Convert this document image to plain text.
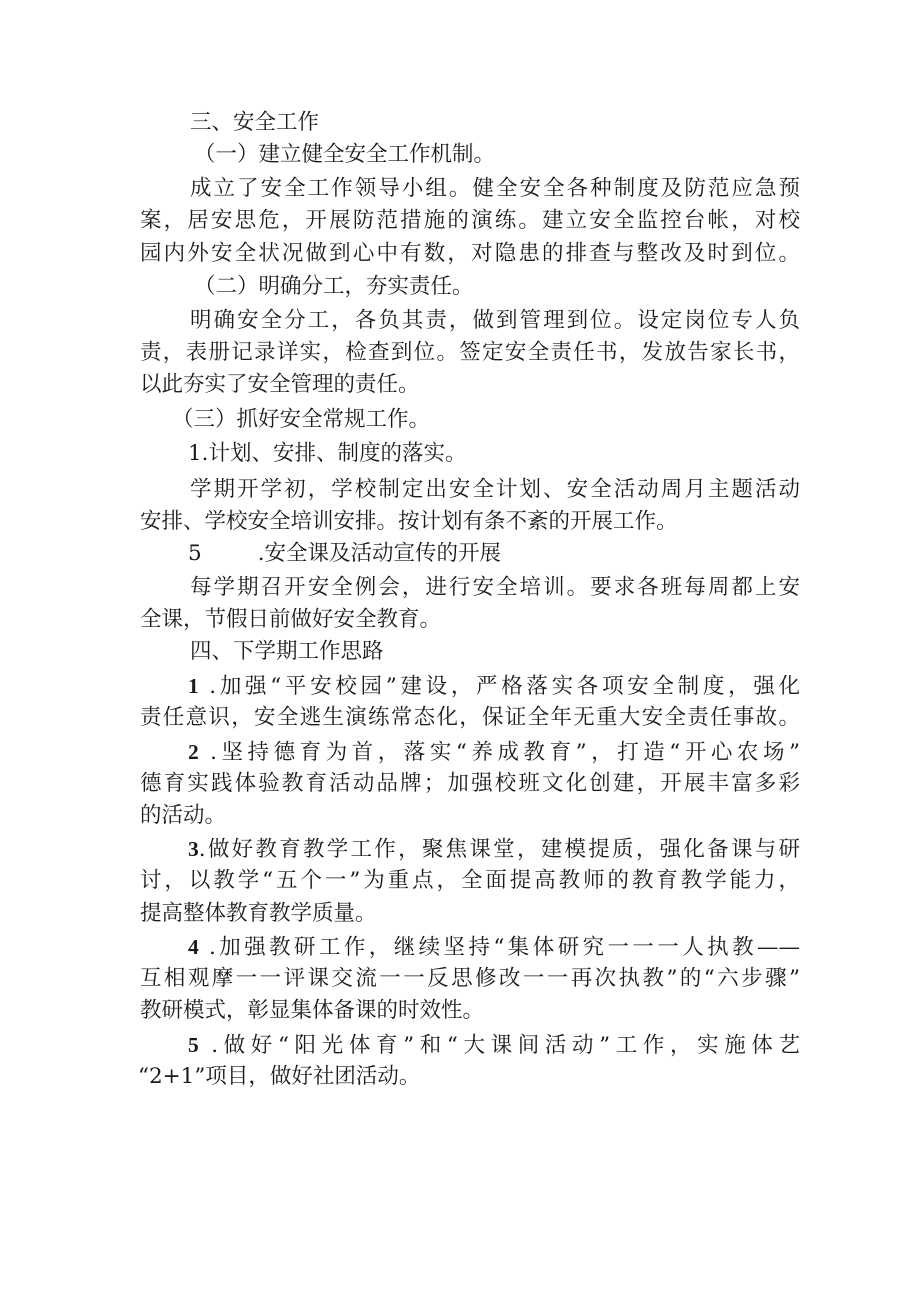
三、安全工作
（一）建立健全安全工作机制。
成立了安全工作领导小组。健全安全各种制度及防范应急预
案，居安思危，开展防范措施的演练。建立安全监控台帐，对校
园内外安全状况做到心中有数，对隐患的排查与整改及时到位。
（二）明确分工，夯实责任。
明确安全分工，各负其责，做到管理到位。设定岗位专人负
责，表册记录详实，检查到位。签定安全责任书，发放告家长书，
以此夯实了安全管理的责任。
（三）抓好安全常规工作。
1.计划、安排、制度的落实。
学期开学初，学校制定出安全计划、安全活动周月主题活动
安排、学校安全培训安排。按计划有条不紊的开展工作。
5	.安全课及活动宣传的开展
每学期召开安全例会，进行安全培训。要求各班每周都上安
全课，节假日前做好安全教育。
四、下学期工作思路
1 .加强“平安校园”建设，严格落实各项安全制度，强化
责任意识，安全逃生演练常态化，保证全年无重大安全责任事故。
2 .坚持德育为首，落实“养成教育”，打造“开心农场”
德育实践体验教育活动品牌；加强校班文化创建，开展丰富多彩
的活动。
3.做好教育教学工作，聚焦课堂，建模提质，强化备课与研
讨，以教学“五个一”为重点，全面提高教师的教育教学能力，
提高整体教育教学质量。
4 .加强教研工作，继续坚持“集体研究一一一人执教——
互相观摩一一评课交流一一反思修改一一再次执教”的“六步骤”
教研模式，彰显集体备课的时效性。
5 .做好“阳光体育”和“大课间活动”工作，实施体艺
“2+1”项目，做好社团活动。
